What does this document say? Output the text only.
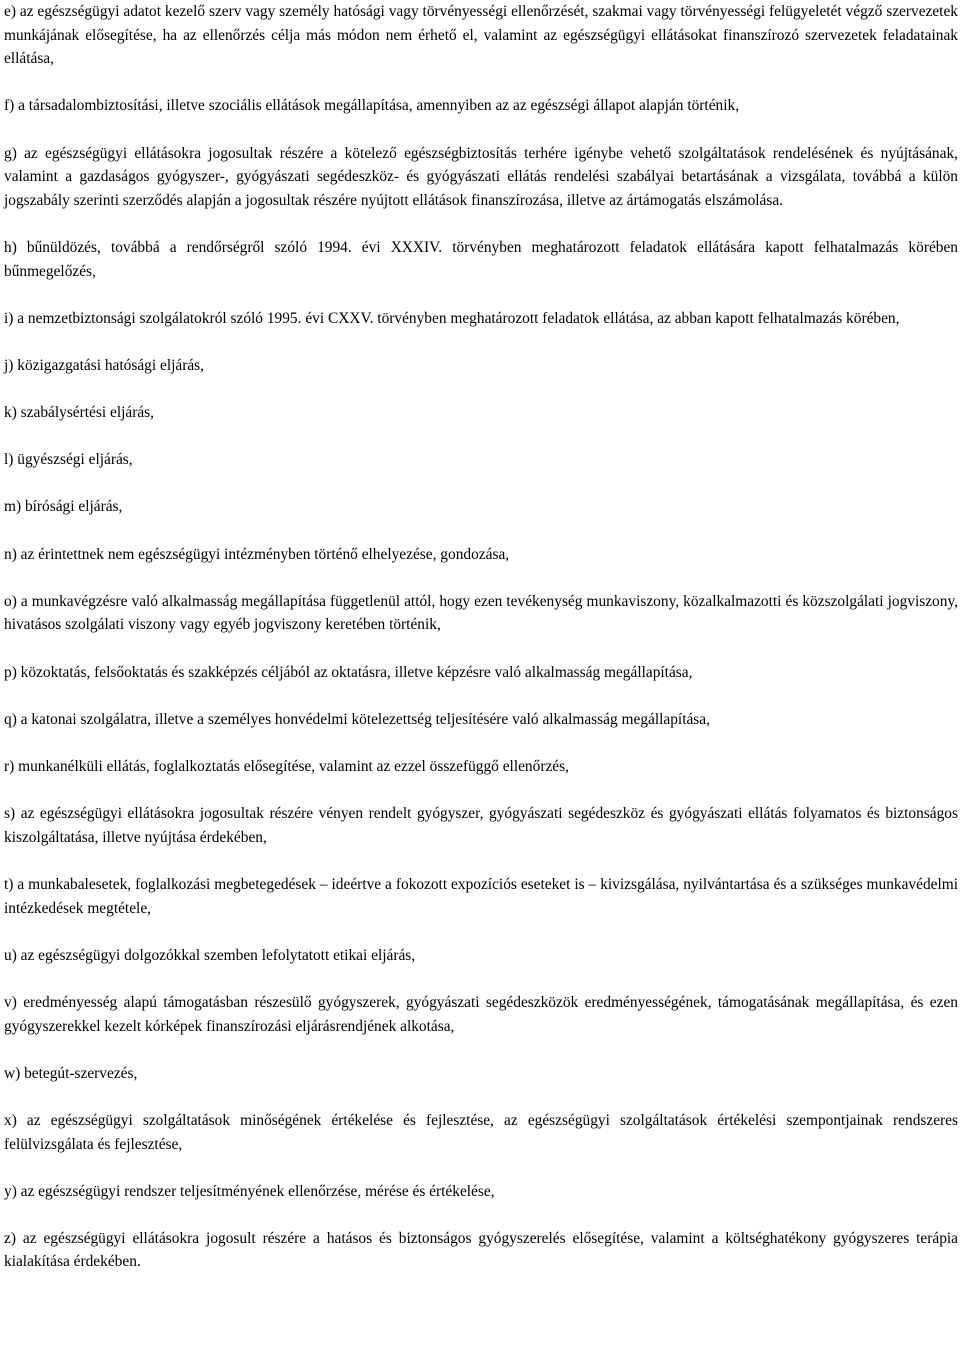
e) az egészségügyi adatot kezelő szerv vagy személy hatósági vagy törvényességi ellenőrzését, szakmai vagy törvényességi felügyeletét végző szervezetek munkájának elősegítése, ha az ellenőrzés célja más módon nem érhető el, valamint az egészségügyi ellátásokat finanszírozó szervezetek feladatainak ellátása,

f) a társadalombiztosítási, illetve szociális ellátások megállapítása, amennyiben az az egészségi állapot alapján történik,

g) az egészségügyi ellátásokra jogosultak részére a kötelező egészségbiztosítás terhére igénybe vehető szolgáltatások rendelésének és nyújtásának, valamint a gazdaságos gyógyszer-, gyógyászati segédeszköz- és gyógyászati ellátás rendelési szabályai betartásának a vizsgálata, továbbá a külön jogszabály szerinti szerződés alapján a jogosultak részére nyújtott ellátások finanszírozása, illetve az ártámogatás elszámolása.

h) bűnüldözés, továbbá a rendőrségről szóló 1994. évi XXXIV. törvényben meghatározott feladatok ellátására kapott felhatalmazás körében bűnmegelőzés,

i) a nemzetbiztonsági szolgálatokról szóló 1995. évi CXXV. törvényben meghatározott feladatok ellátása, az abban kapott felhatalmazás körében,

j) közigazgatási hatósági eljárás,

k) szabálysértési eljárás,

l) ügyészségi eljárás,

m) bírósági eljárás,

n) az érintettnek nem egészségügyi intézményben történő elhelyezése, gondozása,

o) a munkavégzésre való alkalmasság megállapítása függetlenül attól, hogy ezen tevékenység munkaviszony, közalkalmazotti és közszolgálati jogviszony, hivatásos szolgálati viszony vagy egyéb jogviszony keretében történik,

p) közoktatás, felsőoktatás és szakképzés céljából az oktatásra, illetve képzésre való alkalmasság megállapítása,

q) a katonai szolgálatra, illetve a személyes honvédelmi kötelezettség teljesítésére való alkalmasság megállapítása,

r) munkanélküli ellátás, foglalkoztatás elősegítése, valamint az ezzel összefüggő ellenőrzés,

s) az egészségügyi ellátásokra jogosultak részére vényen rendelt gyógyszer, gyógyászati segédeszköz és gyógyászati ellátás folyamatos és biztonságos kiszolgáltatása, illetve nyújtása érdekében,

t) a munkabalesetek, foglalkozási megbetegedések – ideértve a fokozott expozíciós eseteket is – kivizsgálása, nyilvántartása és a szükséges munkavédelmi intézkedések megtétele,

u) az egészségügyi dolgozókkal szemben lefolytatott etikai eljárás,

v) eredményesség alapú támogatásban részesülő gyógyszerek, gyógyászati segédeszközök eredményességének, támogatásának megállapítása, és ezen gyógyszerekkel kezelt kórképek finanszírozási eljárásrendjének alkotása,

w) betegút-szervezés,

x) az egészségügyi szolgáltatások minőségének értékelése és fejlesztése, az egészségügyi szolgáltatások értékelési szempontjainak rendszeres felülvizsgálata és fejlesztése,

y) az egészségügyi rendszer teljesítményének ellenőrzése, mérése és értékelése,

z) az egészségügyi ellátásokra jogosult részére a hatásos és biztonságos gyógyszerelés elősegítése, valamint a költséghatékony gyógyszeres terápia kialakítása érdekében.
